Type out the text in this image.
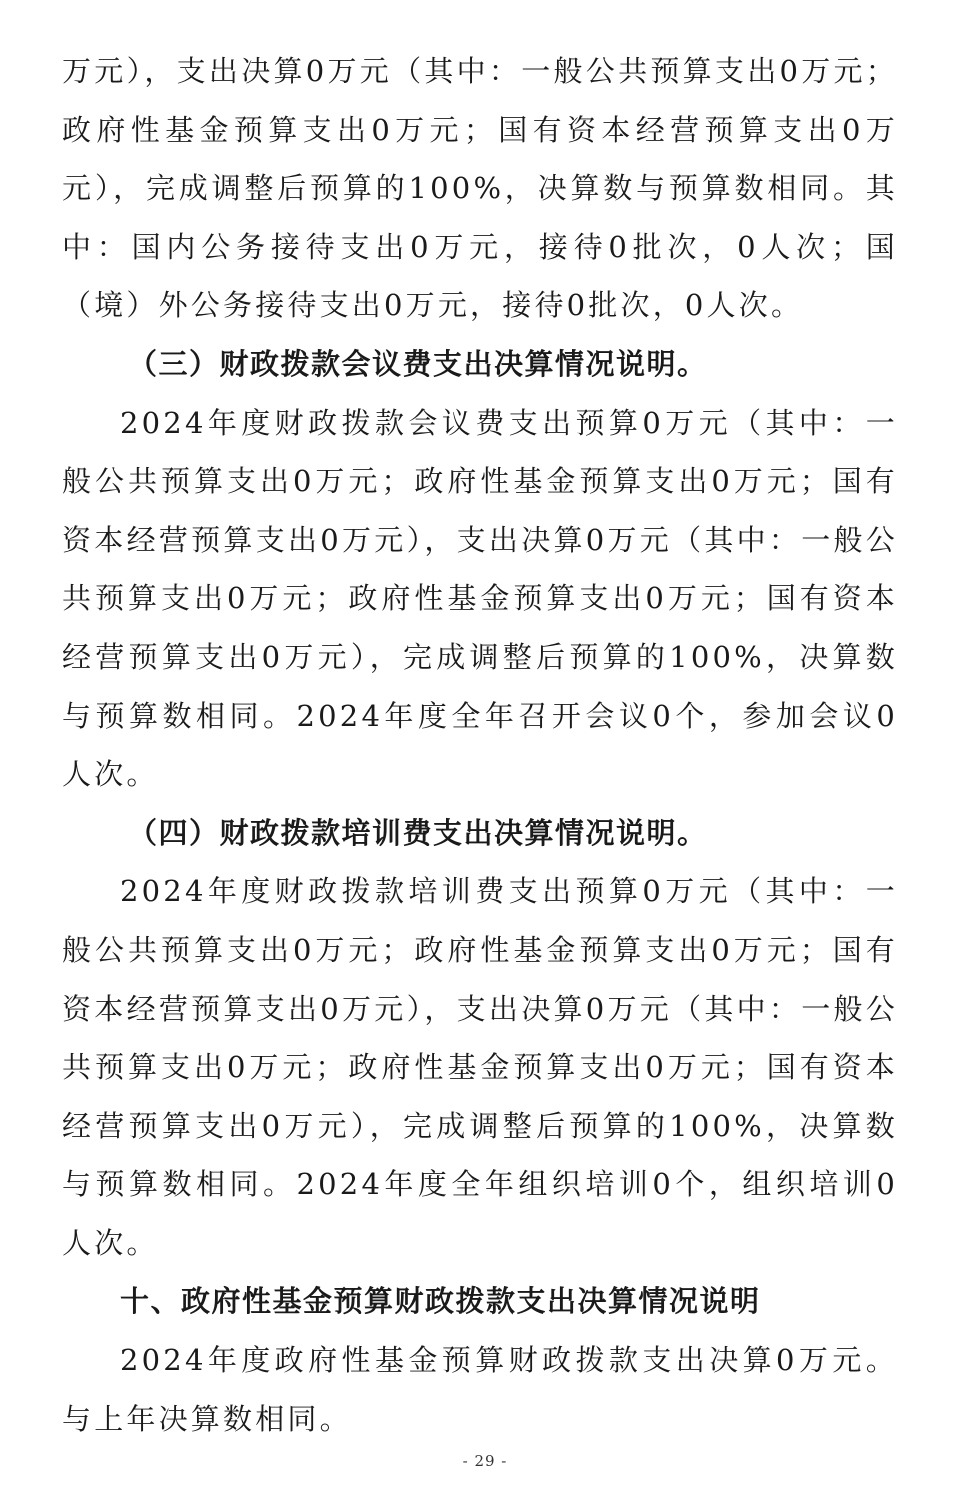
万元），支出决算0万元（其中：一般公共预算支出0万元；政府性基金预算支出0万元；国有资本经营预算支出0万元），完成调整后预算的100%，决算数与预算数相同。其中：国内公务接待支出0万元，接待0批次，0人次；国（境）外公务接待支出0万元，接待0批次，0人次。

（三）财政拨款会议费支出决算情况说明。

2024年度财政拨款会议费支出预算0万元（其中：一般公共预算支出0万元；政府性基金预算支出0万元；国有资本经营预算支出0万元），支出决算0万元（其中：一般公共预算支出0万元；政府性基金预算支出0万元；国有资本经营预算支出0万元），完成调整后预算的100%，决算数与预算数相同。2024年度全年召开会议0个，参加会议0人次。

（四）财政拨款培训费支出决算情况说明。

2024年度财政拨款培训费支出预算0万元（其中：一般公共预算支出0万元；政府性基金预算支出0万元；国有资本经营预算支出0万元），支出决算0万元（其中：一般公共预算支出0万元；政府性基金预算支出0万元；国有资本经营预算支出0万元），完成调整后预算的100%，决算数与预算数相同。2024年度全年组织培训0个，组织培训0人次。

十、政府性基金预算财政拨款支出决算情况说明

2024年度政府性基金预算财政拨款支出决算0万元。与上年决算数相同。

- 29 -
